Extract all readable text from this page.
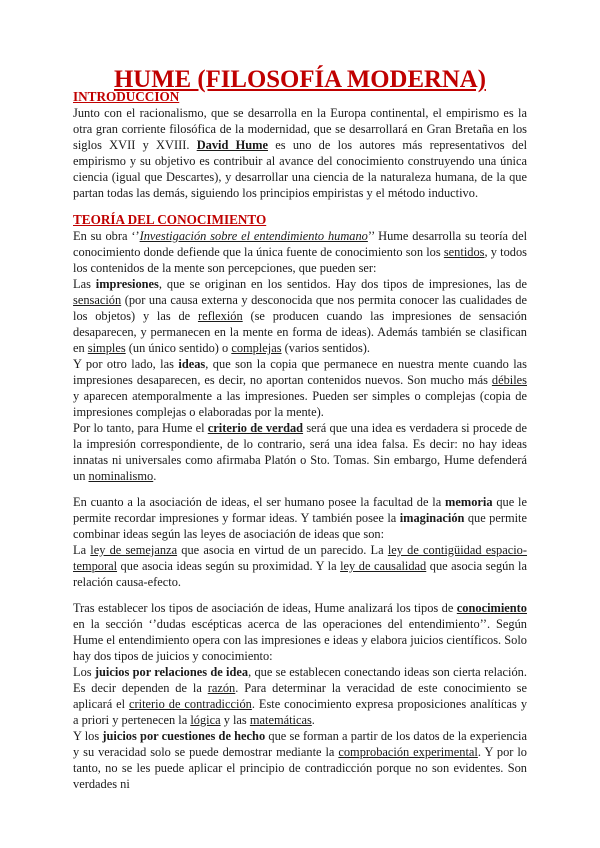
HUME (FILOSOFÍA MODERNA)
INTRODUCCIÓN

Junto con el racionalismo, que se desarrolla en la Europa continental, el empirismo es la otra gran corriente filosófica de la modernidad, que se desarrollará en Gran Bretaña en los siglos XVII y XVIII. David Hume es uno de los autores más representativos del empirismo y su objetivo es contribuir al avance del conocimiento construyendo una única ciencia (igual que Descartes), y desarrollar una ciencia de la naturaleza humana, de la que partan todas las demás, siguiendo los principios empiristas y el método inductivo.

TEORÍA DEL CONOCIMIENTO

En su obra ‘’Investigación sobre el entendimiento humano’’ Hume desarrolla su teoría del conocimiento donde defiende que la única fuente de conocimiento son los sentidos, y todos los contenidos de la mente son percepciones, que pueden ser:

Las impresiones, que se originan en los sentidos. Hay dos tipos de impresiones, las de sensación (por una causa externa y desconocida que nos permita conocer las cualidades de los objetos) y las de reflexión (se producen cuando las impresiones de sensación desaparecen, y permanecen en la mente en forma de ideas). Además también se clasifican en simples (un único sentido) o complejas (varios sentidos).

Y por otro lado, las ideas, que son la copia que permanece en nuestra mente cuando las impresiones desaparecen, es decir, no aportan contenidos nuevos. Son mucho más débiles y aparecen atemporalmente a las impresiones. Pueden ser simples o complejas (copia de impresiones complejas o elaboradas por la mente).

Por lo tanto, para Hume el criterio de verdad será que una idea es verdadera si procede de la impresión correspondiente, de lo contrario, será una idea falsa. Es decir: no hay ideas innatas ni universales como afirmaba Platón o Sto. Tomas. Sin embargo, Hume defenderá un nominalismo.

En cuanto a la asociación de ideas, el ser humano posee la facultad de la memoria que le permite recordar impresiones y formar ideas. Y también posee la imaginación que permite combinar ideas según las leyes de asociación de ideas que son:

La ley de semejanza que asocia en virtud de un parecido. La ley de contigüidad espacio-temporal que asocia ideas según su proximidad. Y la ley de causalidad que asocia según la relación causa-efecto.

Tras establecer los tipos de asociación de ideas, Hume analizará los tipos de conocimiento en la sección ‘’dudas escépticas acerca de las operaciones del entendimiento’’. Según Hume el entendimiento opera con las impresiones e ideas y elabora juicios científicos. Solo hay dos tipos de juicios y conocimiento:

Los juicios por relaciones de idea, que se establecen conectando ideas son cierta relación. Es decir dependen de la razón. Para determinar la veracidad de este conocimiento se aplicará el criterio de contradicción. Este conocimiento expresa proposiciones analíticas y a priori y pertenecen la lógica y las matemáticas.

Y los juicios por cuestiones de hecho que se forman a partir de los datos de la experiencia y su veracidad solo se puede demostrar mediante la comprobación experimental. Y por lo tanto, no se les puede aplicar el principio de contradicción porque no son evidentes. Son verdades ni
